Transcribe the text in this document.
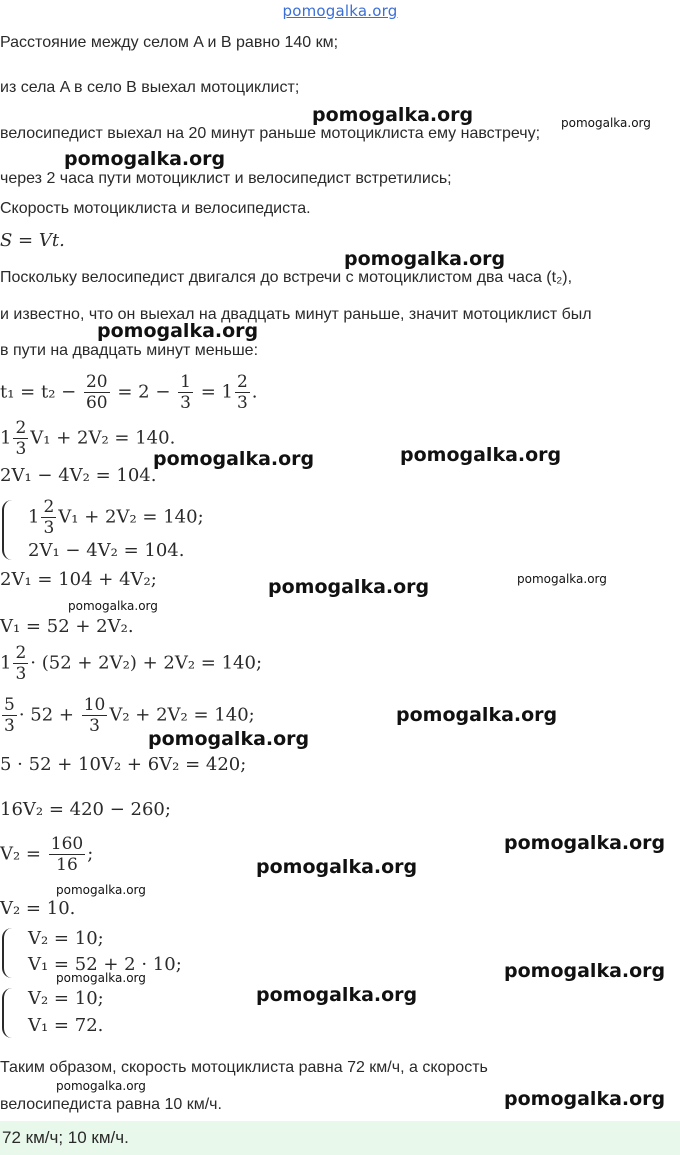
pomogalka.org
Расстояние между селом A и B равно 140 км;
из села A в село B выехал мотоциклист;
велосипедист выехал на 20 минут раньше мотоциклиста ему навстречу;
через 2 часа пути мотоциклист и велосипедист встретились;
Скорость мотоциклиста и велосипедиста.
S = Vt.
Поскольку велосипедист двигался до встречи с мотоциклистом два часа (t₂),
и известно, что он выехал на двадцать минут раньше, значит мотоциклист был
в пути на двадцать минут меньше:
$t_1 = t_2 - \frac{20}{60} = 2 - \frac{1}{3} = 1 \frac{2}{3}$ .
$1 \frac{2}{3} V_1 + 2V_2 = 140$.
2V₁ − 4V₂ = 104.
$1 \frac{2}{3} V_1 + 2V_2 = 140$;
2V₁ − 4V₂ = 104.
2V₁ = 104 + 4V₂;
V₁ = 52 + 2V₂.
$1 \frac{2}{3} \cdot (52 + 2V_2) + 2V_2 = 140$;
$\frac{5}{3} \cdot 52 + \frac{10}{3} V_2 + 2V_2 = 140$;
5 · 52 + 10V₂ + 6V₂ = 420;
16V₂ = 420 − 260;
$V_2 = \frac{160}{16}$ ;
V₂ = 10.
V₂ = 10;
V₁ = 52 + 2 · 10;
V₂ = 10;
V₁ = 72.
Таким образом, скорость мотоциклиста равна 72 км/ч, а скорость
велосипедиста равна 10 км/ч.
72 км/ч; 10 км/ч.
pomogalka.org	pomogalka.org
pomogalka.org
pomogalka.org
pomogalka.org
pomogalka.org	pomogalka.org
pomogalka.org	pomogalka.org
pomogalka.org
pomogalka.org
pomogalka.org
pomogalka.org
pomogalka.org
pomogalka.org
pomogalka.org
pomogalka.org
pomogalka.org
pomogalka.org
pomogalka.org
